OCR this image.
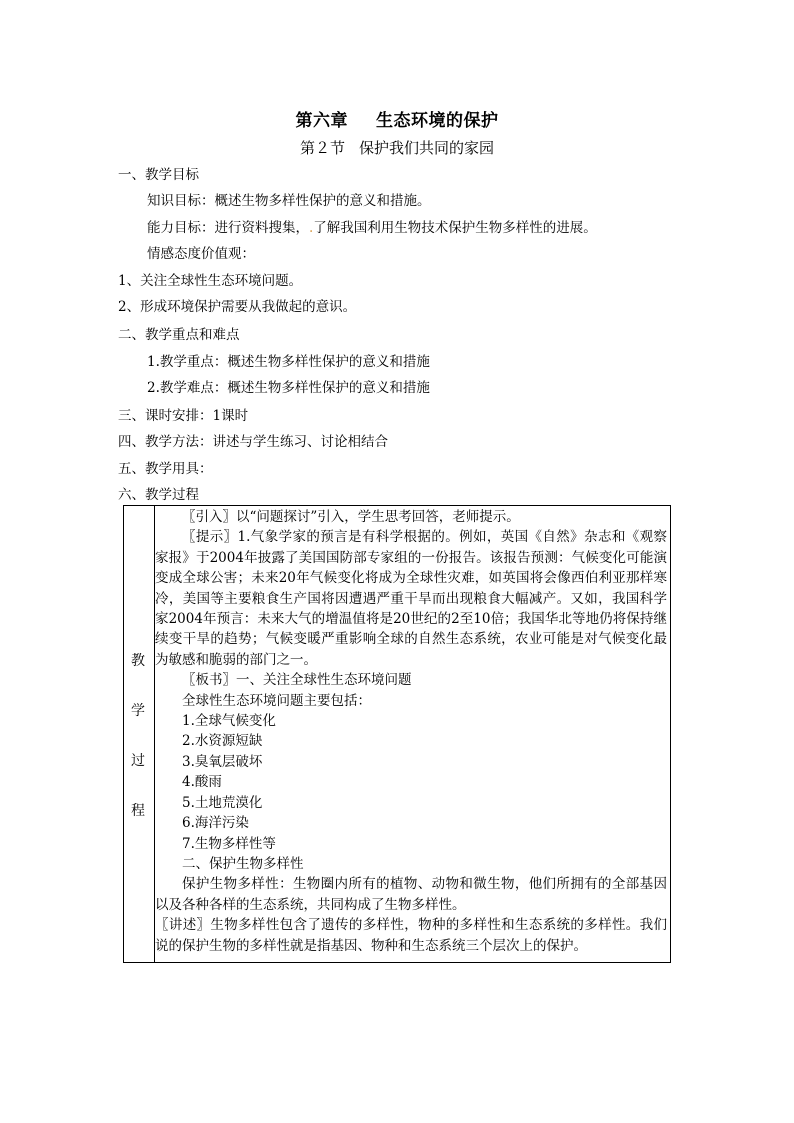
第六章 生态环境的保护
第２节 保护我们共同的家园
一、教学目标
知识目标：概述生物多样性保护的意义和措施。
能力目标：进行资料搜集，.了解我国利用生物技术保护生物多样性的进展。
情感态度价值观：
1、关注全球性生态环境问题。
2、形成环境保护需要从我做起的意识。
二、教学重点和难点
1.教学重点：概述生物多样性保护的意义和措施
2.教学难点：概述生物多样性保护的意义和措施
三、课时安排：1课时
四、教学方法：讲述与学生练习、讨论相结合
五、教学用具：
六、教学过程
教
学
过
程

〖引入〗以“问题探讨”引入，学生思考回答，老师提示。

〖提示〗1.气象学家的预言是有科学根据的。例如，英国《自然》杂志和《观察家报》于2004年披露了美国国防部专家组的一份报告。该报告预测：气候变化可能演变成全球公害；未来20年气候变化将成为全球性灾难，如英国将会像西伯利亚那样寒冷，美国等主要粮食生产国将因遭遇严重干旱而出现粮食大幅减产。又如，我国科学家2004年预言：未来大气的增温值将是20世纪的2至10倍；我国华北等地仍将保持继续变干旱的趋势；气候变暖严重影响全球的自然生态系统，农业可能是对气候变化最为敏感和脆弱的部门之一。

〖板书〗一、关注全球性生态环境问题

全球性生态环境问题主要包括：

1.全球气候变化

2.水资源短缺

3.臭氧层破坏

4.酸雨

5.土地荒漠化

6.海洋污染

7.生物多样性等

二、保护生物多样性

保护生物多样性：生物圈内所有的植物、动物和微生物，他们所拥有的全部基因以及各种各样的生态系统，共同构成了生物多样性。

〖讲述〗生物多样性包含了遗传的多样性，物种的多样性和生态系统的多样性。我们说的保护生物的多样性就是指基因、物种和生态系统三个层次上的保护。
